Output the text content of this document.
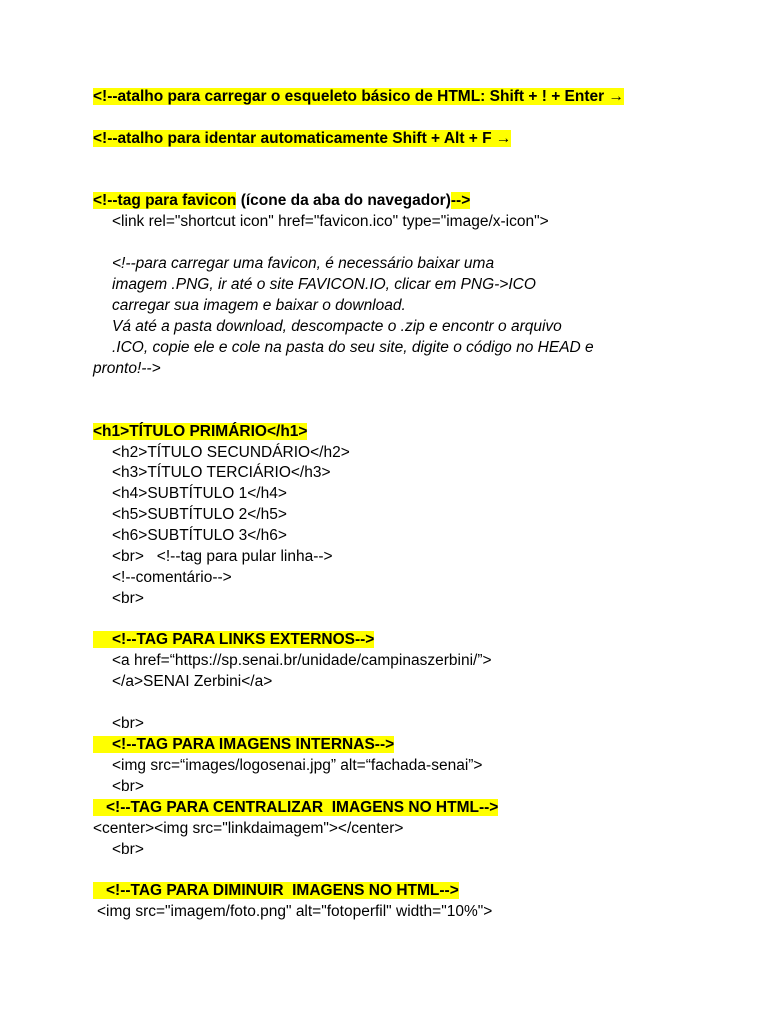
<!--atalho para carregar o esqueleto básico de HTML: Shift + ! + Enter →
<!--atalho para identar automaticamente Shift + Alt + F →
<!--tag para favicon (ícone da aba do navegador)-->
<link rel="shortcut icon" href="favicon.ico" type="image/x-icon">
<!--para carregar uma favicon, é necessário baixar uma
imagem .PNG, ir até o site FAVICON.IO, clicar em PNG->ICO
carregar sua imagem e baixar o download.
Vá até a pasta download, descompacte o .zip e encontr o arquivo
.ICO, copie ele e cole na pasta do seu site, digite o código no HEAD e
pronto!-->
<h1>TÍTULO PRIMÁRIO</h1>
<h2>TÍTULO SECUNDÁRIO</h2>
<h3>TÍTULO TERCIÁRIO</h3>
<h4>SUBTÍTULO 1</h4>
<h5>SUBTÍTULO 2</h5>
<h6>SUBTÍTULO 3</h6>
<br>   <!--tag para pular linha-->
<!--comentário-->
<br>
<!--TAG PARA LINKS EXTERNOS-->
<a href=“https://sp.senai.br/unidade/campinaszerbini/”>
</a>SENAI Zerbini</a>
<br>
<!--TAG PARA IMAGENS INTERNAS-->
<img src=“images/logosenai.jpg” alt=“fachada-senai”>
<br>
<!--TAG PARA CENTRALIZAR  IMAGENS NO HTML-->
<center><img src="linkdaimagem"></center>
<br>
<!--TAG PARA DIMINUIR  IMAGENS NO HTML-->
<img src="imagem/foto.png" alt="fotoperfil" width="10%">
